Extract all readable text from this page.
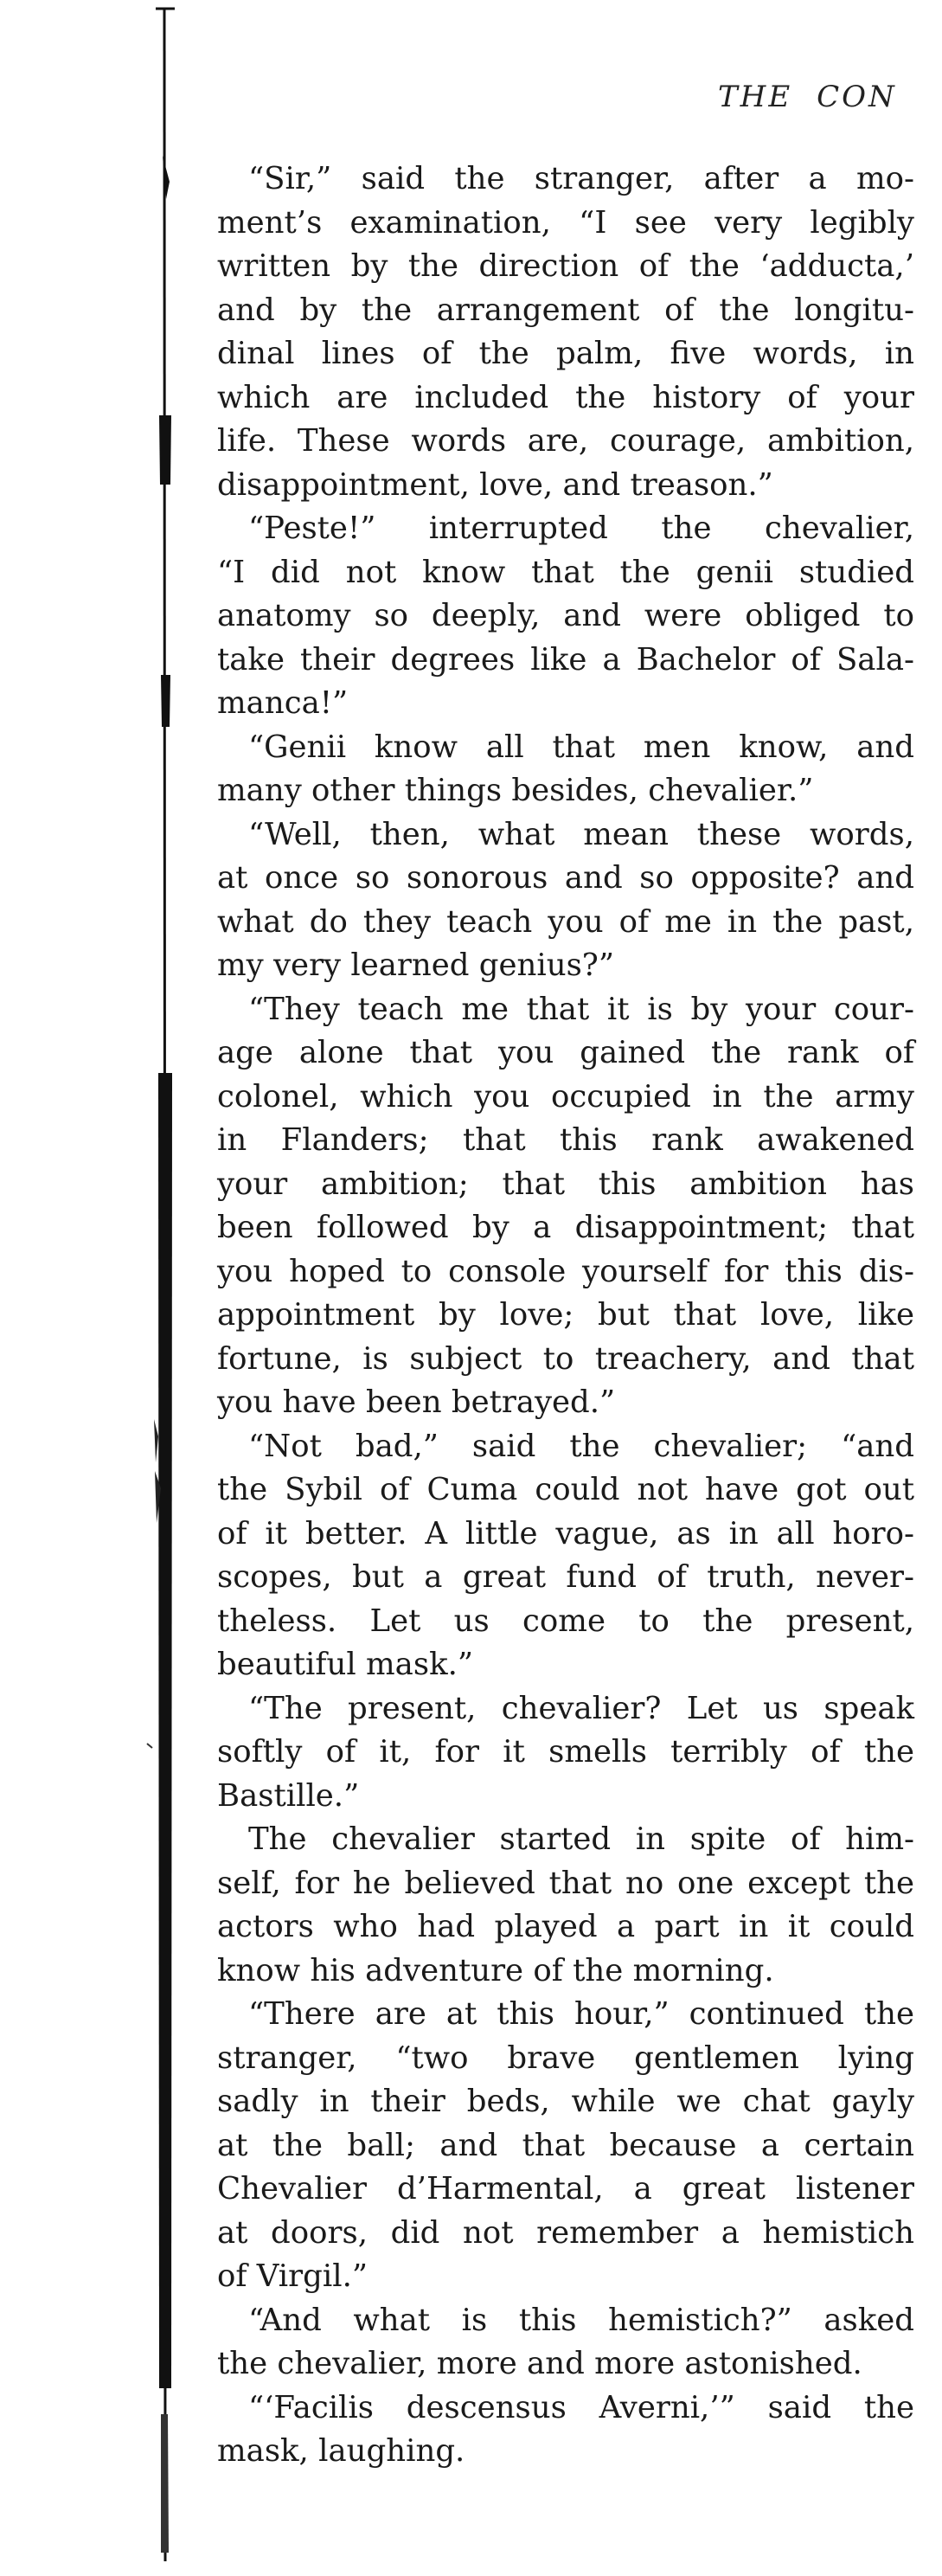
THE CON
“Sir,” said the stranger, after a mo-
ment’s examination, “I see very legibly
written by the direction of the ‘adducta,’
and by the arrangement of the longitu-
dinal lines of the palm, five words, in
which are included the history of your
life. These words are, courage, ambition,
disappointment, love, and treason.”
“Peste!” interrupted the chevalier,
“I did not know that the genii studied
anatomy so deeply, and were obliged to
take their degrees like a Bachelor of Sala-
manca!”
“Genii know all that men know, and
many other things besides, chevalier.”
“Well, then, what mean these words,
at once so sonorous and so opposite? and
what do they teach you of me in the past,
my very learned genius?”
“They teach me that it is by your cour-
age alone that you gained the rank of
colonel, which you occupied in the army
in Flanders; that this rank awakened
your ambition; that this ambition has
been followed by a disappointment; that
you hoped to console yourself for this dis-
appointment by love; but that love, like
fortune, is subject to treachery, and that
you have been betrayed.”
“Not bad,” said the chevalier; “and
the Sybil of Cuma could not have got out
of it better. A little vague, as in all horo-
scopes, but a great fund of truth, never-
theless. Let us come to the present,
beautiful mask.”
“The present, chevalier? Let us speak
softly of it, for it smells terribly of the
Bastille.”
The chevalier started in spite of him-
self, for he believed that no one except the
actors who had played a part in it could
know his adventure of the morning.
“There are at this hour,” continued the
stranger, “two brave gentlemen lying
sadly in their beds, while we chat gayly
at the ball; and that because a certain
Chevalier d’Harmental, a great listener
at doors, did not remember a hemistich
of Virgil.”
“And what is this hemistich?” asked
the chevalier, more and more astonished.
“‘Facilis descensus Averni,’” said the
mask, laughing.
